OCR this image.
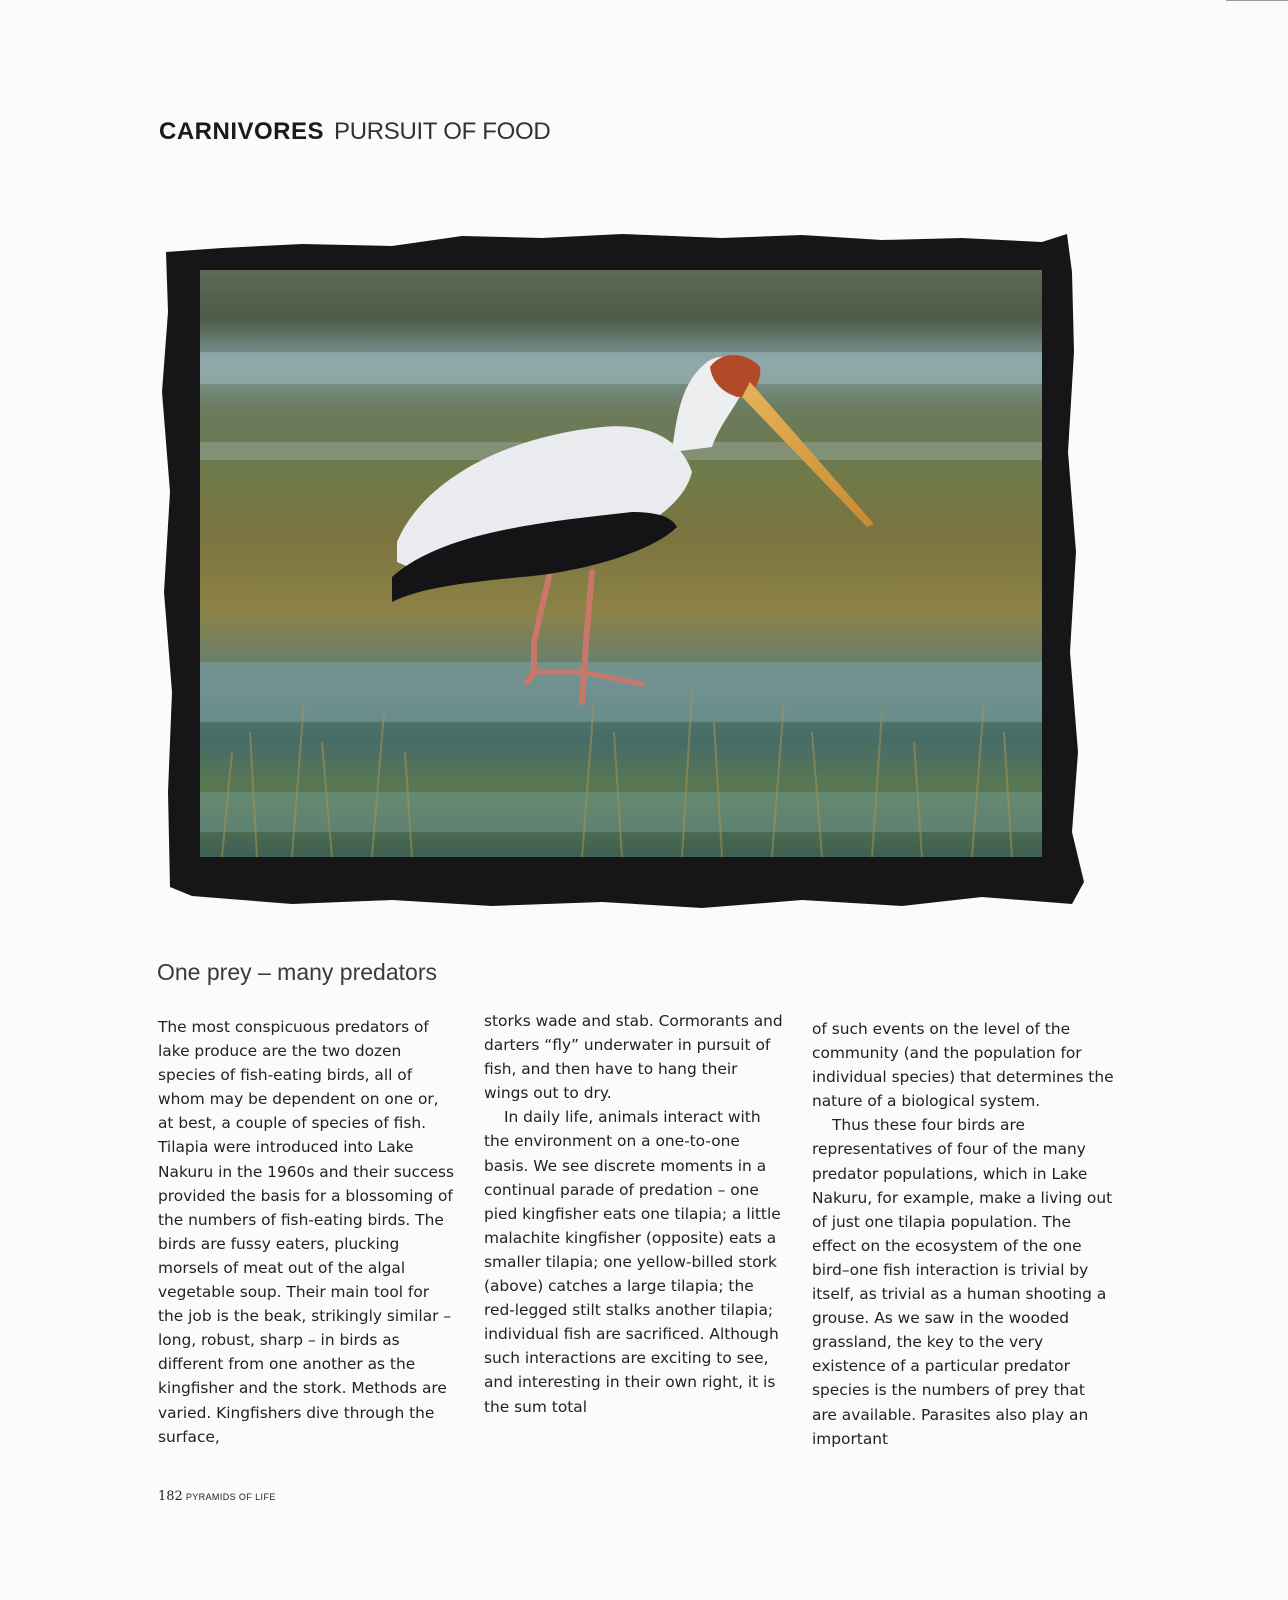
CARNIVORES PURSUIT OF FOOD
One prey – many predators

The most conspicuous predators of lake produce are the two dozen species of fish-eating birds, all of whom may be dependent on one or, at best, a couple of species of fish. Tilapia were introduced into Lake Nakuru in the 1960s and their success provided the basis for a blossoming of the numbers of fish-eating birds. The birds are fussy eaters, plucking morsels of meat out of the algal vegetable soup. Their main tool for the job is the beak, strikingly similar – long, robust, sharp – in birds as different from one another as the kingfisher and the stork. Methods are varied. Kingfishers dive through the surface,

storks wade and stab. Cormorants and darters “fly” underwater in pursuit of fish, and then have to hang their wings out to dry.

In daily life, animals interact with the environment on a one-to-one basis. We see discrete moments in a continual parade of predation – one pied kingfisher eats one tilapia; a little malachite kingfisher (opposite) eats a smaller tilapia; one yellow-billed stork (above) catches a large tilapia; the red-legged stilt stalks another tilapia; individual fish are sacrificed. Although such interactions are exciting to see, and interesting in their own right, it is the sum total

of such events on the level of the community (and the population for individual species) that determines the nature of a biological system.

Thus these four birds are representatives of four of the many predator populations, which in Lake Nakuru, for example, make a living out of just one tilapia population. The effect on the ecosystem of the one bird–one fish interaction is trivial by itself, as trivial as a human shooting a grouse. As we saw in the wooded grassland, the key to the very existence of a particular predator species is the numbers of prey that are available. Parasites also play an important

182 PYRAMIDS OF LIFE
